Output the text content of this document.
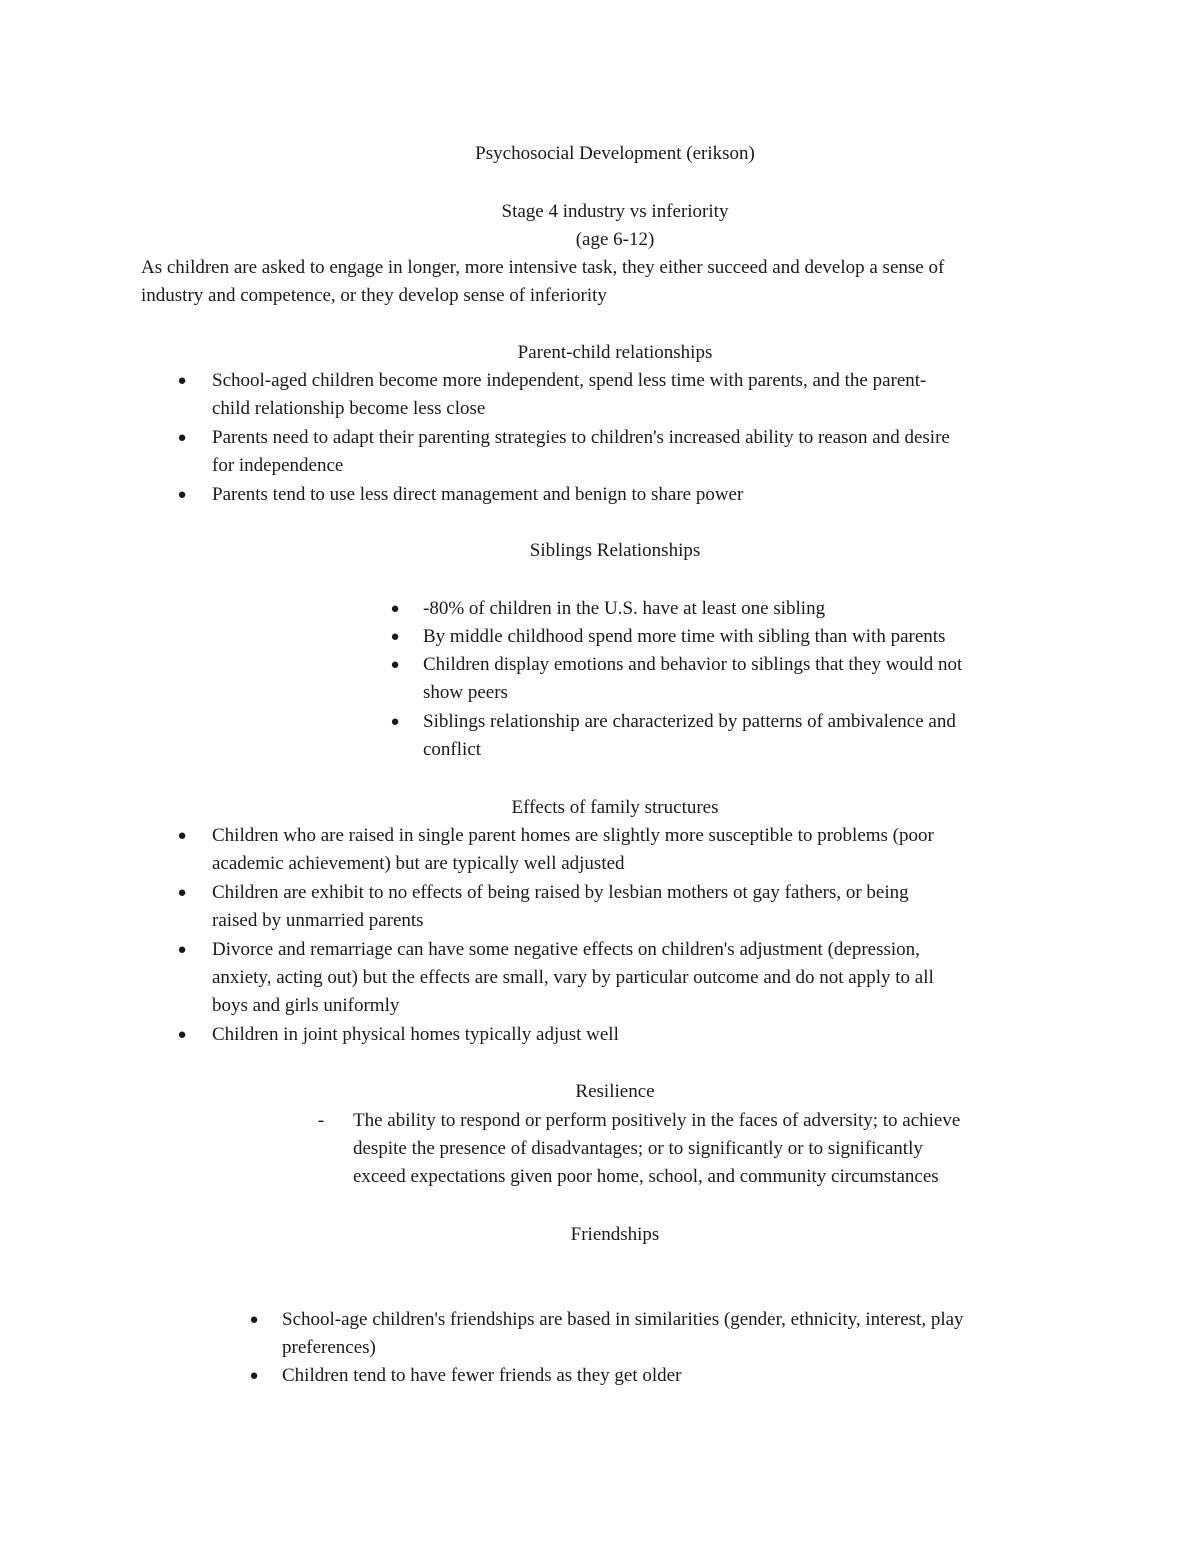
Psychosocial Development (erikson)
Stage 4 industry vs inferiority
(age 6-12)
As children are asked to engage in longer, more intensive task, they either succeed and develop a sense of
industry and competence, or they develop sense of inferiority
Parent-child relationships
● School-aged children become more independent, spend less time with parents, and the parent-
child relationship become less close
● Parents need to adapt their parenting strategies to children's increased ability to reason and desire
for independence
● Parents tend to use less direct management and benign to share power
Siblings Relationships
● -80% of children in the U.S. have at least one sibling
● By middle childhood spend more time with sibling than with parents
● Children display emotions and behavior to siblings that they would not
show peers
● Siblings relationship are characterized by patterns of ambivalence and
conflict
Effects of family structures
● Children who are raised in single parent homes are slightly more susceptible to problems (poor
academic achievement) but are typically well adjusted
● Children are exhibit to no effects of being raised by lesbian mothers ot gay fathers, or being
raised by unmarried parents
● Divorce and remarriage can have some negative effects on children's adjustment (depression,
anxiety, acting out) but the effects are small, vary by particular outcome and do not apply to all
boys and girls uniformly
● Children in joint physical homes typically adjust well
Resilience
- The ability to respond or perform positively in the faces of adversity; to achieve
despite the presence of disadvantages; or to significantly or to significantly
exceed expectations given poor home, school, and community circumstances
Friendships
● School-age children's friendships are based in similarities (gender, ethnicity, interest, play
preferences)
● Children tend to have fewer friends as they get older
